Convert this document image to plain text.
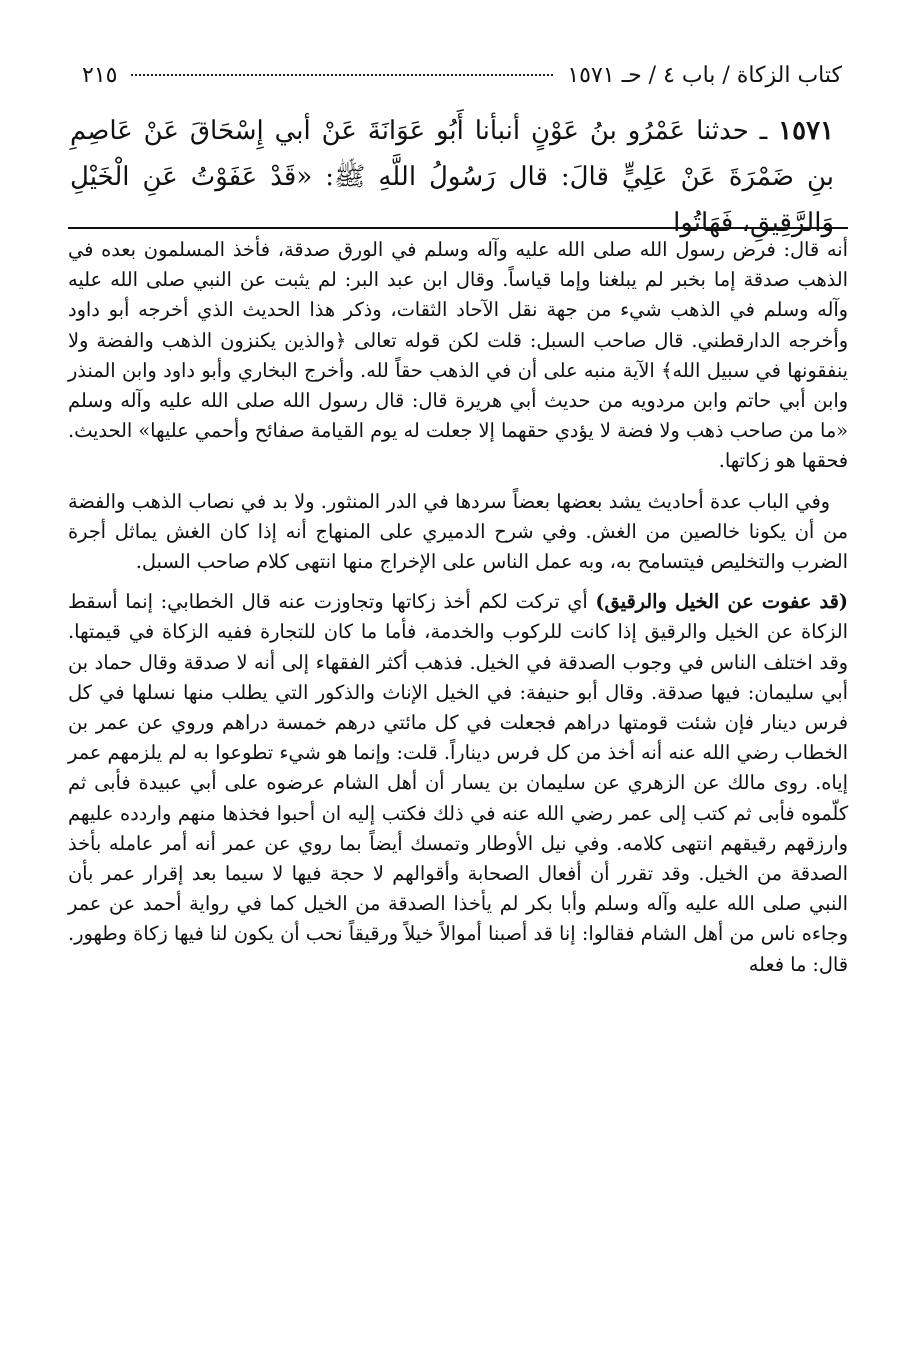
كتاب الزكاة / باب ٤ / حـ ١٥٧١
٢١٥
١٥٧١ ـ حدثنا عَمْرُو بنُ عَوْنٍ أنبأنا أَبُو عَوَانَةَ عَنْ أبي إِسْحَاقَ عَنْ عَاصِمِ بنِ ضَمْرَةَ عَنْ عَلِيٍّ قالَ: قال رَسُولُ اللَّهِ ﷺ: «قَدْ عَفَوْتُ عَنِ الْخَيْلِ وَالرَّقِيقِ، فَهَاتُوا

أنه قال: فرض رسول الله صلى الله عليه وآله وسلم في الورق صدقة، فأخذ المسلمون بعده في الذهب صدقة إما بخبر لم يبلغنا وإما قياساً. وقال ابن عبد البر: لم يثبت عن النبي صلى الله عليه وآله وسلم في الذهب شيء من جهة نقل الآحاد الثقات، وذكر هذا الحديث الذي أخرجه أبو داود وأخرجه الدارقطني. قال صاحب السبل: قلت لكن قوله تعالى ﴿والذين يكنزون الذهب والفضة ولا ينفقونها في سبيل الله﴾ الآية منبه على أن في الذهب حقاً لله. وأخرج البخاري وأبو داود وابن المنذر وابن أبي حاتم وابن مردويه من حديث أبي هريرة قال: قال رسول الله صلى الله عليه وآله وسلم «ما من صاحب ذهب ولا فضة لا يؤدي حقهما إلا جعلت له يوم القيامة صفائح وأحمي عليها» الحديث. فحقها هو زكاتها.

وفي الباب عدة أحاديث يشد بعضها بعضاً سردها في الدر المنثور. ولا بد في نصاب الذهب والفضة من أن يكونا خالصين من الغش. وفي شرح الدميري على المنهاج أنه إذا كان الغش يماثل أجرة الضرب والتخليص فيتسامح به، وبه عمل الناس على الإخراج منها انتهى كلام صاحب السبل.

(قد عفوت عن الخيل والرقيق) أي تركت لكم أخذ زكاتها وتجاوزت عنه قال الخطابي: إنما أسقط الزكاة عن الخيل والرقيق إذا كانت للركوب والخدمة، فأما ما كان للتجارة ففيه الزكاة في قيمتها. وقد اختلف الناس في وجوب الصدقة في الخيل. فذهب أكثر الفقهاء إلى أنه لا صدقة وقال حماد بن أبي سليمان: فيها صدقة. وقال أبو حنيفة: في الخيل الإناث والذكور التي يطلب منها نسلها في كل فرس دينار فإن شئت قومتها دراهم فجعلت في كل مائتي درهم خمسة دراهم وروي عن عمر بن الخطاب رضي الله عنه أنه أخذ من كل فرس ديناراً. قلت: وإنما هو شيء تطوعوا به لم يلزمهم عمر إياه. روى مالك عن الزهري عن سليمان بن يسار أن أهل الشام عرضوه على أبي عبيدة فأبى ثم كلّموه فأبى ثم كتب إلى عمر رضي الله عنه في ذلك فكتب إليه ان أحبوا فخذها منهم واردده عليهم وارزقهم رقيقهم انتهى كلامه. وفي نيل الأوطار وتمسك أيضاً بما روي عن عمر أنه أمر عامله بأخذ الصدقة من الخيل. وقد تقرر أن أفعال الصحابة وأقوالهم لا حجة فيها لا سيما بعد إقرار عمر بأن النبي صلى الله عليه وآله وسلم وأبا بكر لم يأخذا الصدقة من الخيل كما في رواية أحمد عن عمر وجاءه ناس من أهل الشام فقالوا: إنا قد أصبنا أموالاً خيلاً ورقيقاً نحب أن يكون لنا فيها زكاة وطهور. قال: ما فعله
